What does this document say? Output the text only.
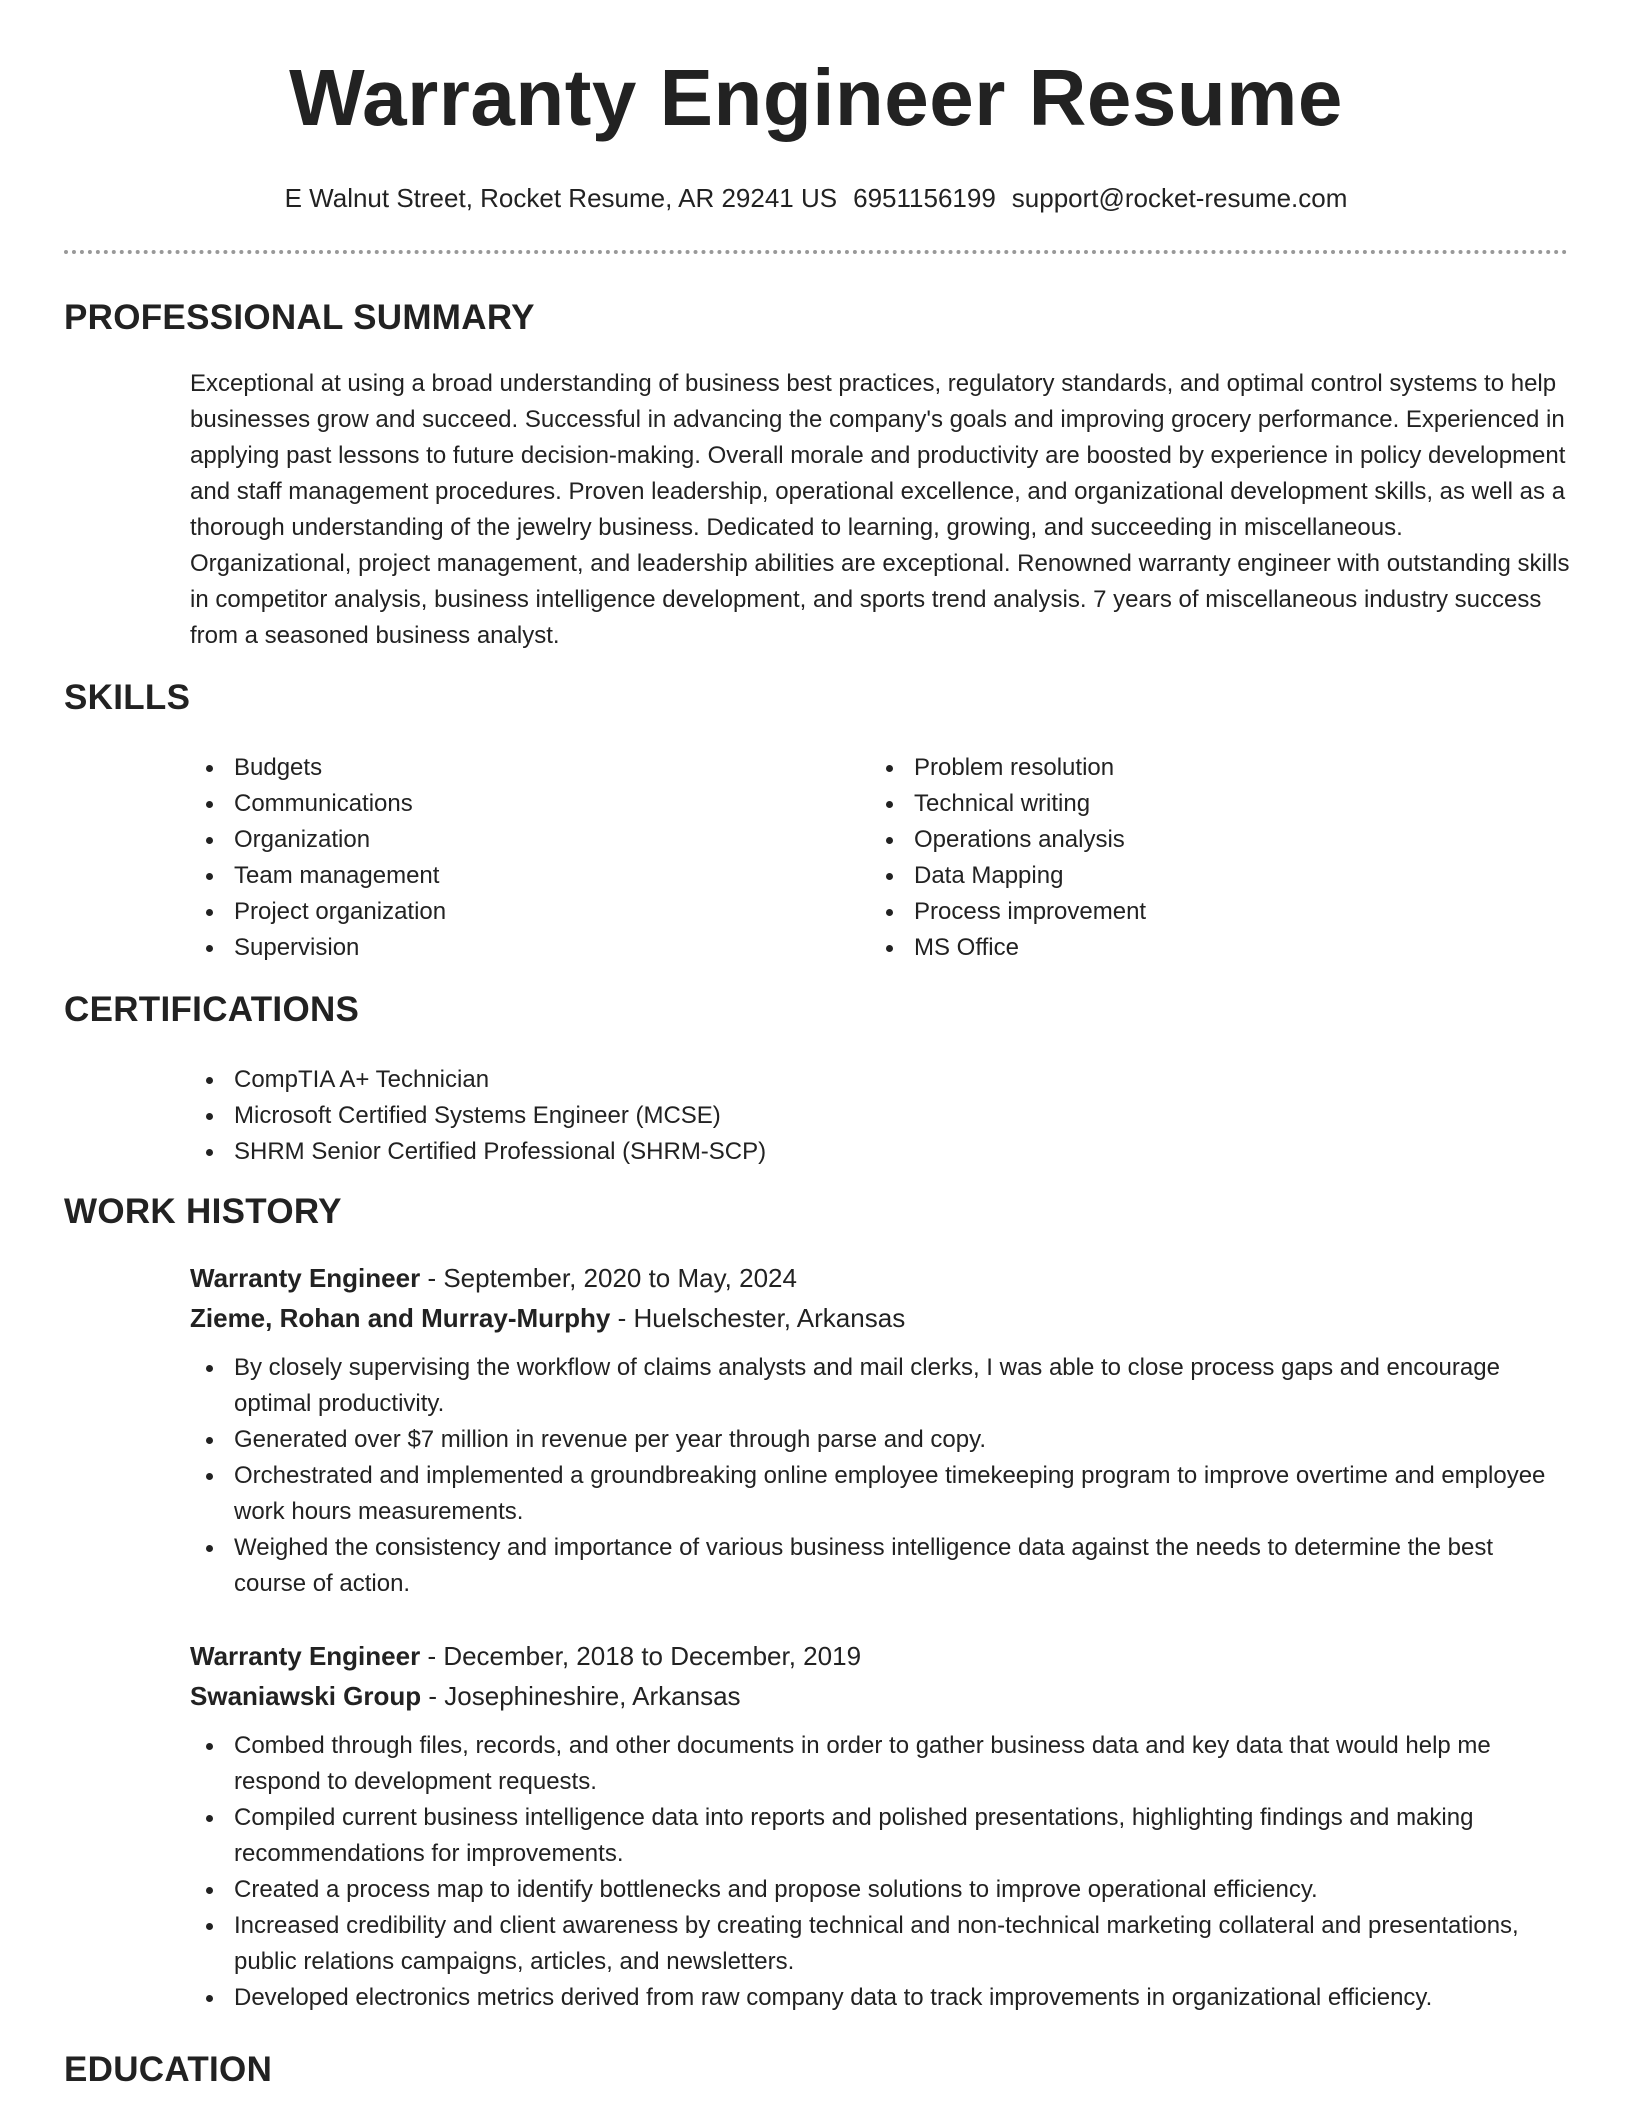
Warranty Engineer Resume
E Walnut Street, Rocket Resume, AR 29241 US 6951156199 support@rocket-resume.com
PROFESSIONAL SUMMARY
Exceptional at using a broad understanding of business best practices, regulatory standards, and optimal control systems to help businesses grow and succeed. Successful in advancing the company's goals and improving grocery performance. Experienced in applying past lessons to future decision-making. Overall morale and productivity are boosted by experience in policy development and staff management procedures. Proven leadership, operational excellence, and organizational development skills, as well as a thorough understanding of the jewelry business. Dedicated to learning, growing, and succeeding in miscellaneous. Organizational, project management, and leadership abilities are exceptional. Renowned warranty engineer with outstanding skills in competitor analysis, business intelligence development, and sports trend analysis. 7 years of miscellaneous industry success from a seasoned business analyst.
SKILLS
Budgets
Communications
Organization
Team management
Project organization
Supervision
Problem resolution
Technical writing
Operations analysis
Data Mapping
Process improvement
MS Office
CERTIFICATIONS
CompTIA A+ Technician
Microsoft Certified Systems Engineer (MCSE)
SHRM Senior Certified Professional (SHRM-SCP)
WORK HISTORY
Warranty Engineer - September, 2020 to May, 2024
Zieme, Rohan and Murray-Murphy - Huelschester, Arkansas
By closely supervising the workflow of claims analysts and mail clerks, I was able to close process gaps and encourage optimal productivity.
Generated over $7 million in revenue per year through parse and copy.
Orchestrated and implemented a groundbreaking online employee timekeeping program to improve overtime and employee work hours measurements.
Weighed the consistency and importance of various business intelligence data against the needs to determine the best course of action.
Warranty Engineer - December, 2018 to December, 2019
Swaniawski Group - Josephineshire, Arkansas
Combed through files, records, and other documents in order to gather business data and key data that would help me respond to development requests.
Compiled current business intelligence data into reports and polished presentations, highlighting findings and making recommendations for improvements.
Created a process map to identify bottlenecks and propose solutions to improve operational efficiency.
Increased credibility and client awareness by creating technical and non-technical marketing collateral and presentations, public relations campaigns, articles, and newsletters.
Developed electronics metrics derived from raw company data to track improvements in organizational efficiency.
EDUCATION
